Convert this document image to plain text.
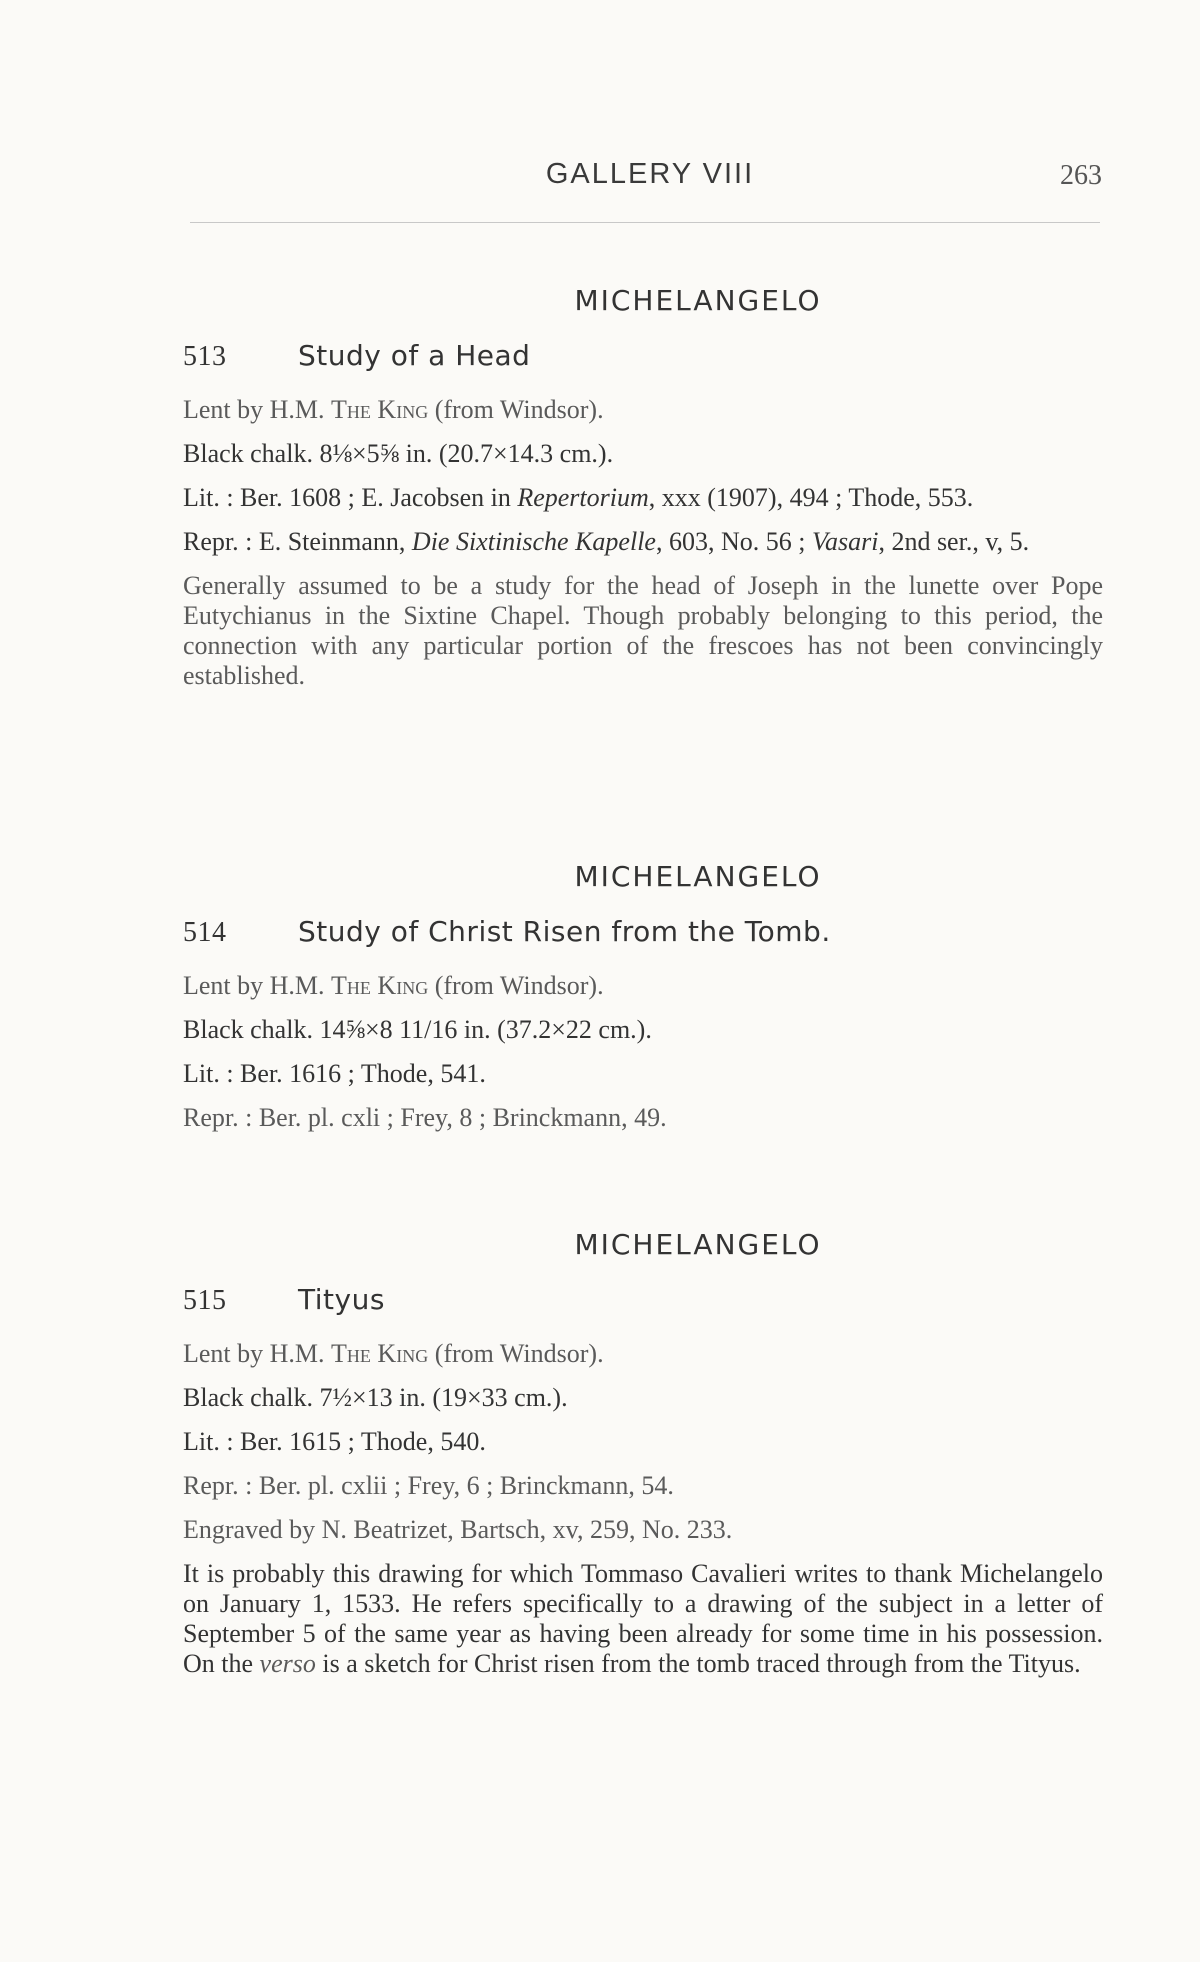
GALLERY VIII	263
MICHELANGELO
513	Study of a Head
Lent by H.M. The King (from Windsor).
Black chalk. 8⅛×5⅝ in. (20.7×14.3 cm.).
Lit. : Ber. 1608 ; E. Jacobsen in Repertorium, xxx (1907), 494 ; Thode, 553.
Repr. : E. Steinmann, Die Sixtinische Kapelle, 603, No. 56 ; Vasari, 2nd ser., v, 5.
Generally assumed to be a study for the head of Joseph in the lunette over Pope Eutychianus in the Sixtine Chapel. Though probably belonging to this period, the connection with any particular portion of the frescoes has not been convincingly established.
MICHELANGELO
514	Study of Christ Risen from the Tomb.
Lent by H.M. The King (from Windsor).
Black chalk. 14⅝×8 11/16 in. (37.2×22 cm.).
Lit. : Ber. 1616 ; Thode, 541.
Repr. : Ber. pl. cxli ; Frey, 8 ; Brinckmann, 49.
MICHELANGELO
515	Tityus
Lent by H.M. The King (from Windsor).
Black chalk. 7½×13 in. (19×33 cm.).
Lit. : Ber. 1615 ; Thode, 540.
Repr. : Ber. pl. cxlii ; Frey, 6 ; Brinckmann, 54.
Engraved by N. Beatrizet, Bartsch, xv, 259, No. 233.
It is probably this drawing for which Tommaso Cavalieri writes to thank Michelangelo on January 1, 1533. He refers specifically to a drawing of the subject in a letter of September 5 of the same year as having been already for some time in his possession. On the verso is a sketch for Christ risen from the tomb traced through from the Tityus.
